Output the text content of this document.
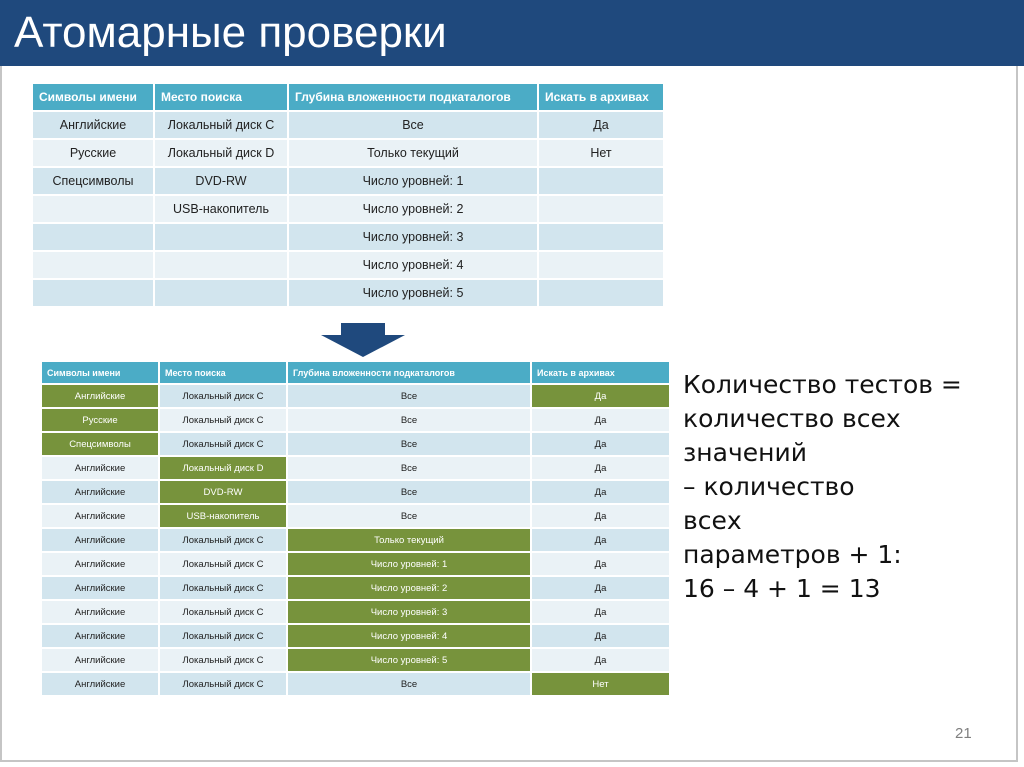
Атомарные проверки
Символы имени	Место поиска	Глубина вложенности подкаталогов	Искать в архивах
Английские	Локальный диск C	Все	Да
Русские	Локальный диск D	Только текущий	Нет
Спецсимволы	DVD-RW	Число уровней: 1	
	USB-накопитель	Число уровней: 2	
		Число уровней: 3	
		Число уровней: 4	
		Число уровней: 5	
Символы имени	Место поиска	Глубина вложенности подкаталогов	Искать в архивах
Английские	Локальный диск C	Все	Да
Русские	Локальный диск C	Все	Да
Спецсимволы	Локальный диск C	Все	Да
Английские	Локальный диск D	Все	Да
Английские	DVD-RW	Все	Да
Английские	USB-накопитель	Все	Да
Английские	Локальный диск C	Только текущий	Да
Английские	Локальный диск C	Число уровней: 1	Да
Английские	Локальный диск C	Число уровней: 2	Да
Английские	Локальный диск C	Число уровней: 3	Да
Английские	Локальный диск C	Число уровней: 4	Да
Английские	Локальный диск C	Число уровней: 5	Да
Английские	Локальный диск C	Все	Нет
Количество тестов =
количество всех
значений
– количество
всех
параметров + 1:
16 – 4 + 1 = 13
21
